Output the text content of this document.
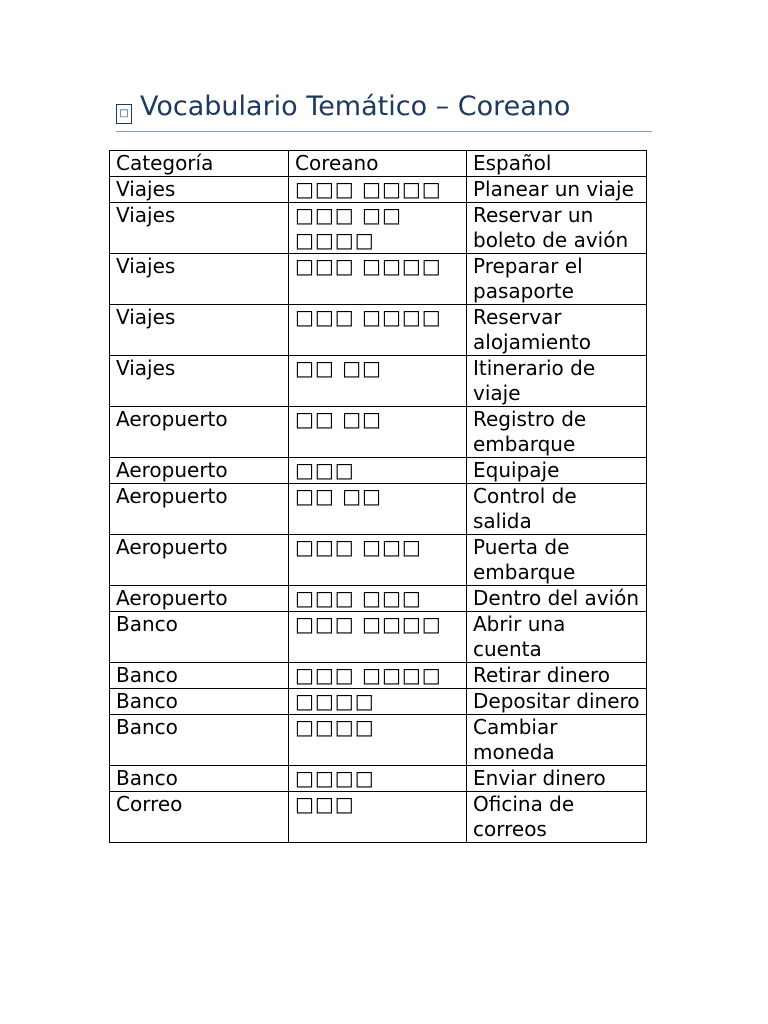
□ Vocabulario Temático – Coreano
Categoría	Coreano	Español
Viajes	□□□ □□□□	Planear un viaje
Viajes	□□□ □□ □□□□	Reservar un boleto de avión
Viajes	□□□ □□□□	Preparar el pasaporte
Viajes	□□□ □□□□	Reservar alojamiento
Viajes	□□ □□	Itinerario de viaje
Aeropuerto	□□ □□	Registro de embarque
Aeropuerto	□□□	Equipaje
Aeropuerto	□□ □□	Control de salida
Aeropuerto	□□□ □□□	Puerta de embarque
Aeropuerto	□□□ □□□	Dentro del avión
Banco	□□□ □□□□	Abrir una cuenta
Banco	□□□ □□□□	Retirar dinero
Banco	□□□□	Depositar dinero
Banco	□□□□	Cambiar moneda
Banco	□□□□	Enviar dinero
Correo	□□□	Oficina de correos
